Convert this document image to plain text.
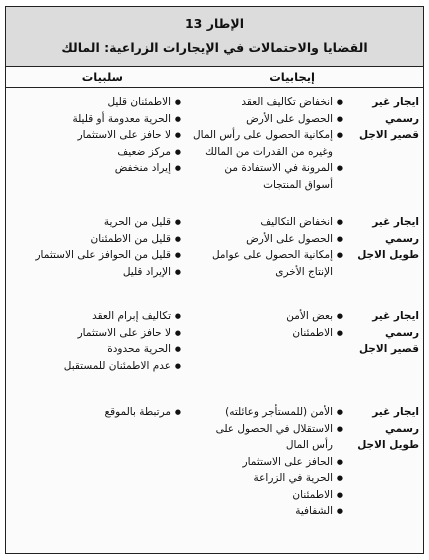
الإطار 13
القضايا والاحتمالات في الإيجارات الزراعية: المالك
إيجابيات
سلبيات
ايجار غير رسمي قصير الاجل
● انخفاض تكاليف العقد
● الحصول على الأرض
● إمكانية الحصول على رأس المال وغيره من القدرات من المالك
● المرونة في الاستفادة من أسواق المنتجات
● الاطمئنان قليل
● الحرية معدومة أو قليلة
● لا حافز على الاستثمار
● مركز ضعيف
● إيراد منخفض
ايجار غير رسمي طويل الاجل
● انخفاض التكاليف
● الحصول على الأرض
● إمكانية الحصول على عوامل الإنتاج الأخرى
● قليل من الحرية
● قليل من الاطمئنان
● قليل من الحوافز على الاستثمار
● الإيراد قليل
ايجار غير رسمي قصير الاجل
● بعض الأمن
● الاطمئنان
● تكاليف إبرام العقد
● لا حافز على الاستثمار
● الحرية محدودة
● عدم الاطمئنان للمستقبل
ايجار غير رسمي طويل الاجل
● الأمن (للمستأجر وعائلته)
● الاستقلال في الحصول على رأس المال
● الحافز على الاستثمار
● الحرية في الزراعة
● الاطمئنان
● الشفافية
● مرتبطة بالموقع
